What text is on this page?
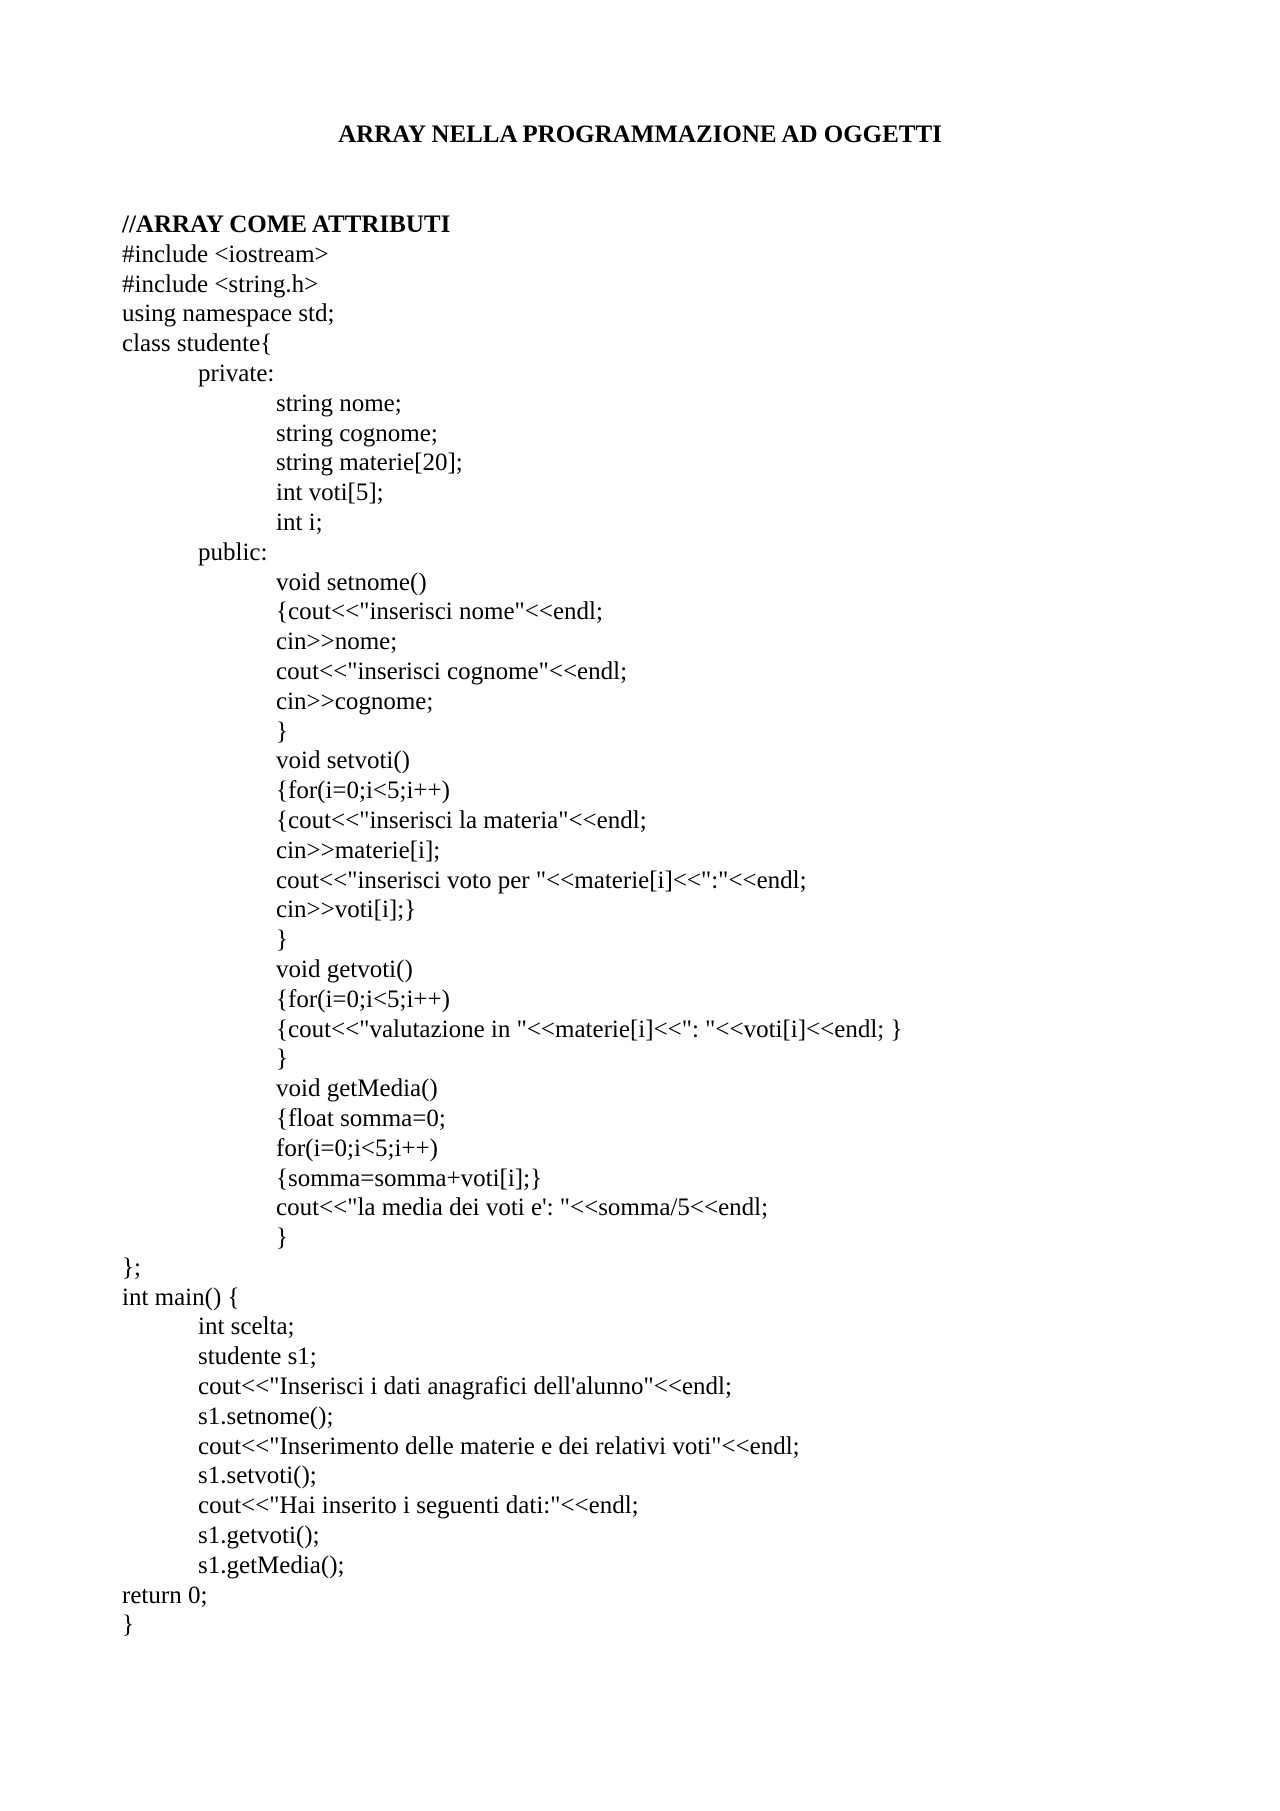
ARRAY NELLA PROGRAMMAZIONE AD OGGETTI
//ARRAY COME ATTRIBUTI
#include <iostream>
#include <string.h>
using namespace std;
class studente{
private:
string nome;
string cognome;
string materie[20];
int voti[5];
int i;
public:
void setnome()
{cout<<"inserisci nome"<<endl;
cin>>nome;
cout<<"inserisci cognome"<<endl;
cin>>cognome;
}
void setvoti()
{for(i=0;i<5;i++)
{cout<<"inserisci la materia"<<endl;
cin>>materie[i];
cout<<"inserisci voto per "<<materie[i]<<":"<<endl;
cin>>voti[i];}
}
void getvoti()
{for(i=0;i<5;i++)
{cout<<"valutazione in "<<materie[i]<<": "<<voti[i]<<endl; }
}
void getMedia()
{float somma=0;
for(i=0;i<5;i++)
{somma=somma+voti[i];}
cout<<"la media dei voti e': "<<somma/5<<endl;
}
};
int main() {
int scelta;
studente s1;
cout<<"Inserisci i dati anagrafici dell'alunno"<<endl;
s1.setnome();
cout<<"Inserimento delle materie e dei relativi voti"<<endl;
s1.setvoti();
cout<<"Hai inserito i seguenti dati:"<<endl;
s1.getvoti();
s1.getMedia();
return 0;
}
